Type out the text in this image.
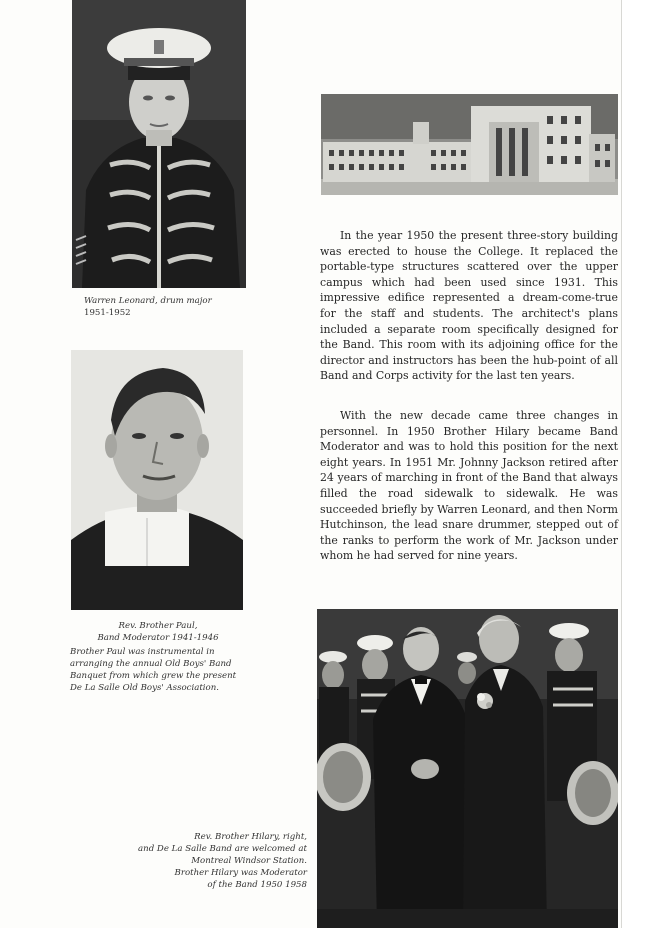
Warren Leonard, drum major
1951-1952
Rev. Brother Paul,
Band Moderator 1941-1946
Brother Paul was instrumental in arranging the annual Old Boys' Band Banquet from which grew the present De La Salle Old Boys' Association.

In the year 1950 the present three-story building was erected to house the College. It replaced the portable-type structures scattered over the upper campus which had been used since 1931. This impressive edifice represented a dream-come-true for the staff and students. The architect's plans included a separate room specifically designed for the Band. This room with its adjoining office for the director and instructors has been the hub-point of all Band and Corps activity for the last ten years.

With the new decade came three changes in personnel. In 1950 Brother Hilary became Band Moderator and was to hold this position for the next eight years. In 1951 Mr. Johnny Jackson retired after 24 years of marching in front of the Band that always filled the road sidewalk to sidewalk. He was succeeded briefly by Warren Leonard, and then Norm Hutchinson, the lead snare drummer, stepped out of the ranks to perform the work of Mr. Jackson under whom he had served for nine years.

Rev. Brother Hilary, right,
and De La Salle Band are welcomed at
Montreal Windsor Station.
Brother Hilary was Moderator
of the Band 1950 1958
